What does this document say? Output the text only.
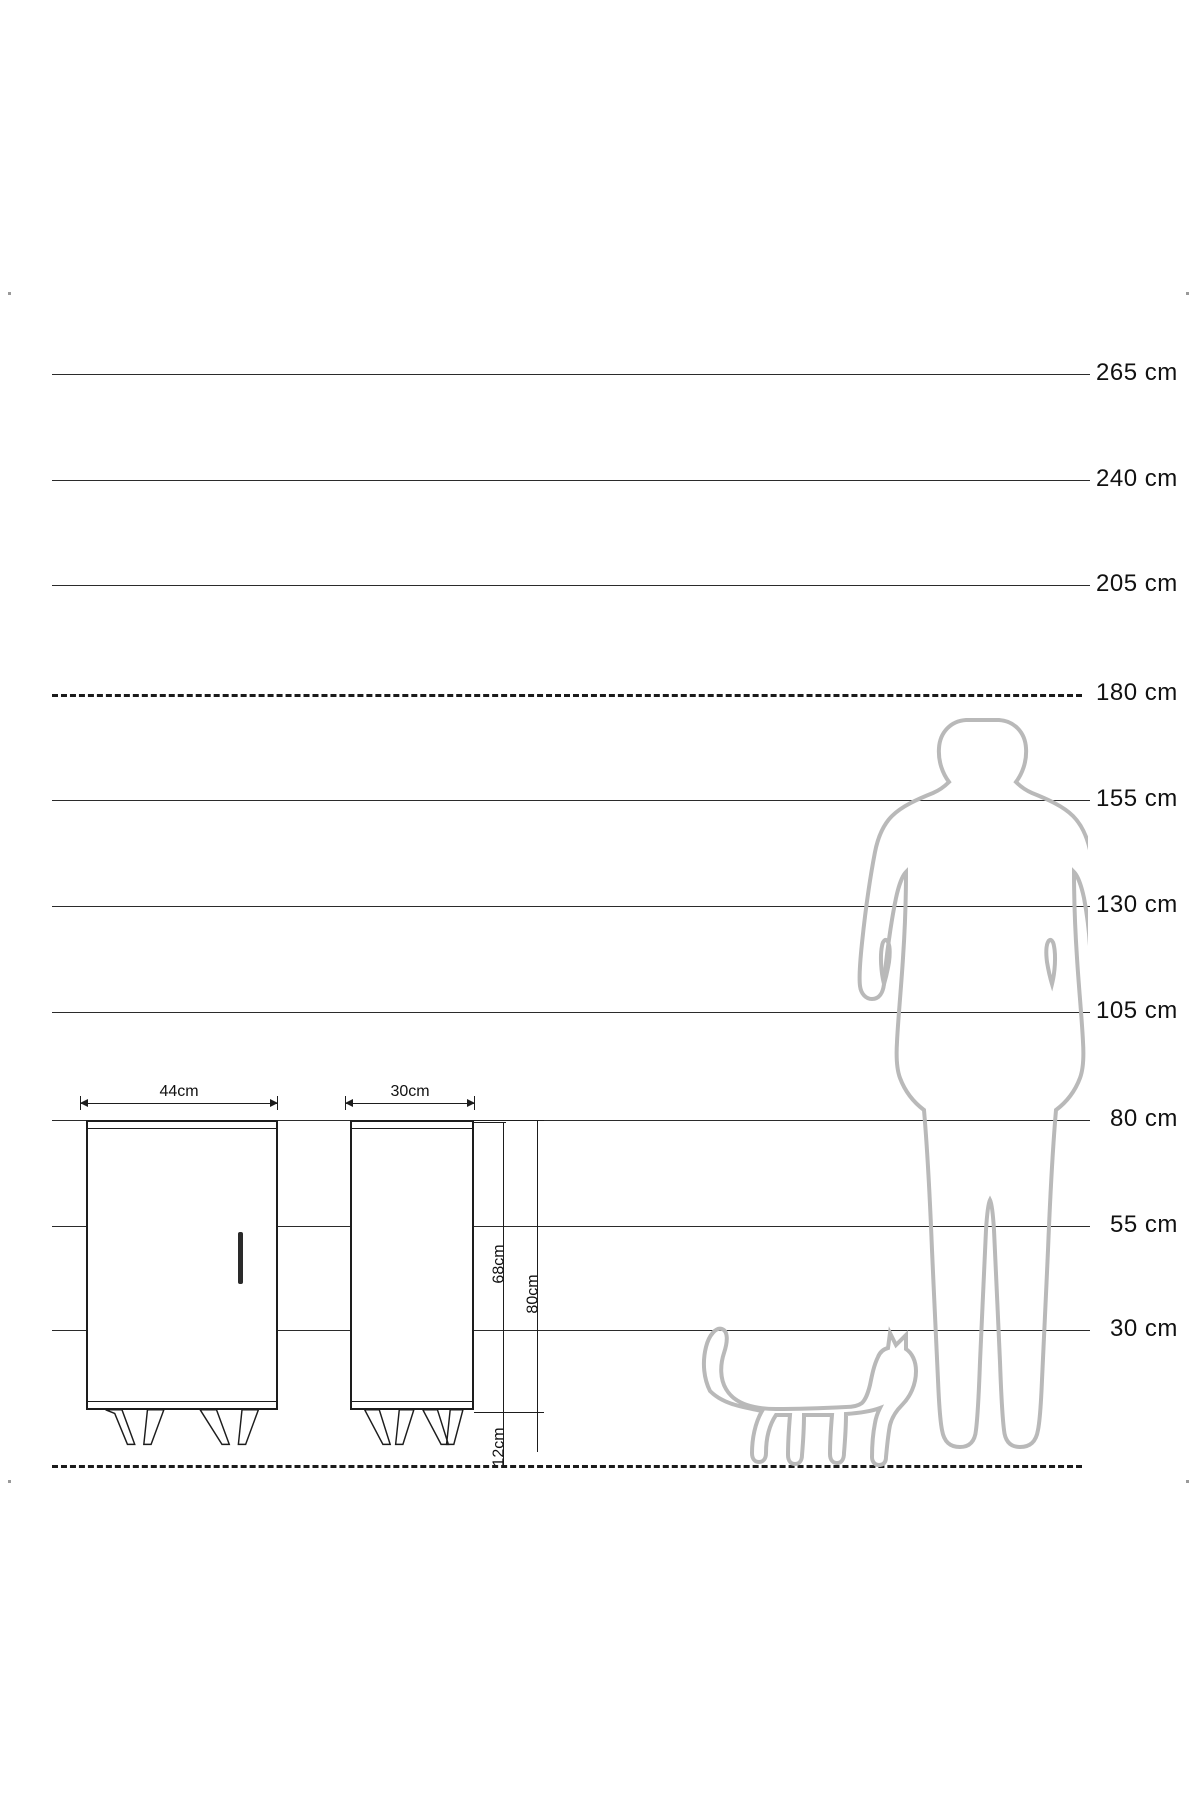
265 cm
240 cm
205 cm
180 cm
155 cm
130 cm
105 cm
80 cm
55 cm
30 cm
44cm	30cm
68cm
80cm
12cm
